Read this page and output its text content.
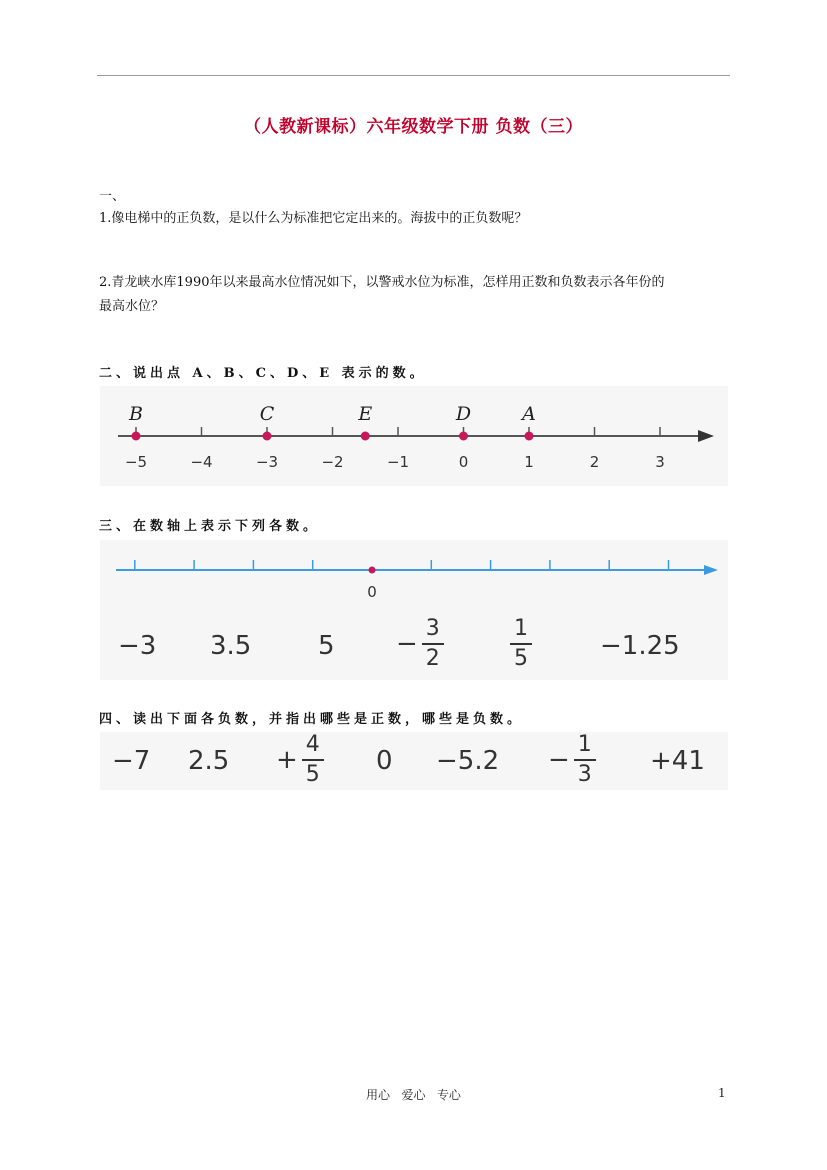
（人教新课标）六年级数学下册 负数（三）
一、
1.像电梯中的正负数，是以什么为标准把它定出来的。海拔中的正负数呢？
2.青龙峡水库1990年以来最高水位情况如下，以警戒水位为标准，怎样用正数和负数表示各年份的
最高水位？
二、说出点 A、B、C、D、E 表示的数。
−5	−4	−3	−2	−1	0	1	2	3
B	C	E	D	A
三、在数轴上表示下列各数。
0
−3 3.5	$5 - \frac{3}{2}$	$\frac{1}{5}$	−1.25
四、读出下面各负数，并指出哪些是正数，哪些是负数。
−7 $2.5 + \frac{4}{5} 0 -5.2 - \frac{1}{3} +41$
用心   爱心   专心	1
